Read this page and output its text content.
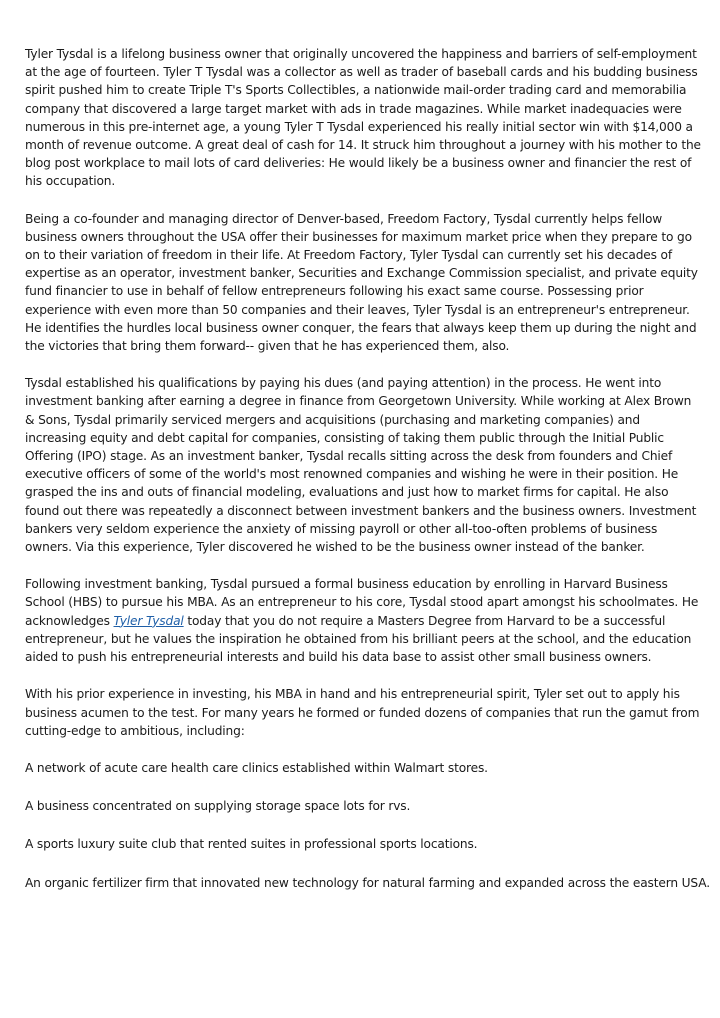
Tyler Tysdal is a lifelong business owner that originally uncovered the happiness and barriers of self-employment at the age of fourteen. Tyler T Tysdal was a collector as well as trader of baseball cards and his budding business spirit pushed him to create Triple T's Sports Collectibles, a nationwide mail-order trading card and memorabilia company that discovered a large target market with ads in trade magazines. While market inadequacies were numerous in this pre-internet age, a young Tyler T Tysdal experienced his really initial sector win with $14,000 a month of revenue outcome. A great deal of cash for 14. It struck him throughout a journey with his mother to the blog post workplace to mail lots of card deliveries: He would likely be a business owner and financier the rest of his occupation.

Being a co-founder and managing director of Denver-based, Freedom Factory, Tysdal currently helps fellow business owners throughout the USA offer their businesses for maximum market price when they prepare to go on to their variation of freedom in their life. At Freedom Factory, Tyler Tysdal can currently set his decades of expertise as an operator, investment banker, Securities and Exchange Commission specialist, and private equity fund financier to use in behalf of fellow entrepreneurs following his exact same course. Possessing prior experience with even more than 50 companies and their leaves, Tyler Tysdal is an entrepreneur's entrepreneur. He identifies the hurdles local business owner conquer, the fears that always keep them up during the night and the victories that bring them forward-- given that he has experienced them, also.

Tysdal established his qualifications by paying his dues (and paying attention) in the process. He went into investment banking after earning a degree in finance from Georgetown University. While working at Alex Brown & Sons, Tysdal primarily serviced mergers and acquisitions (purchasing and marketing companies) and increasing equity and debt capital for companies, consisting of taking them public through the Initial Public Offering (IPO) stage. As an investment banker, Tysdal recalls sitting across the desk from founders and Chief executive officers of some of the world's most renowned companies and wishing he were in their position. He grasped the ins and outs of financial modeling, evaluations and just how to market firms for capital. He also found out there was repeatedly a disconnect between investment bankers and the business owners. Investment bankers very seldom experience the anxiety of missing payroll or other all-too-often problems of business owners. Via this experience, Tyler discovered he wished to be the business owner instead of the banker.

Following investment banking, Tysdal pursued a formal business education by enrolling in Harvard Business School (HBS) to pursue his MBA. As an entrepreneur to his core, Tysdal stood apart amongst his schoolmates. He acknowledges Tyler Tysdal today that you do not require a Masters Degree from Harvard to be a successful entrepreneur, but he values the inspiration he obtained from his brilliant peers at the school, and the education aided to push his entrepreneurial interests and build his data base to assist other small business owners.

With his prior experience in investing, his MBA in hand and his entrepreneurial spirit, Tyler set out to apply his business acumen to the test. For many years he formed or funded dozens of companies that run the gamut from cutting-edge to ambitious, including:

A network of acute care health care clinics established within Walmart stores.

A business concentrated on supplying storage space lots for rvs.

A sports luxury suite club that rented suites in professional sports locations.

An organic fertilizer firm that innovated new technology for natural farming and expanded across the eastern USA.
